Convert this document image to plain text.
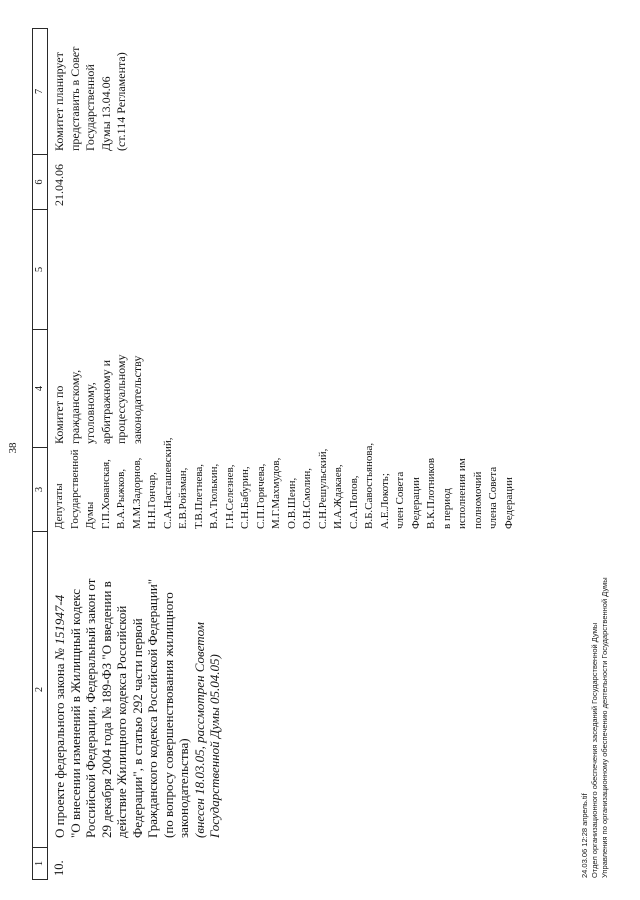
38
1
2
3
4
5
6
7
10.
О проекте федерального закона № 151947-4 "О внесении изменений в Жилищный кодекс Российской Федерации, Федеральный закон от 29 декабря 2004 года № 189-ФЗ "О введении в действие Жилищного кодекса Российской Федерации", в статью 292 части первой Гражданского кодекса Российской Федерации" (по вопросу совершенствования жилищного законодательства) (внесен 18.03.05, рассмотрен Советом Государственной Думы 05.04.05)
Депутаты Государственной Думы Г.П.Хованская, В.А.Рыжков, М.М.Задорнов, Н.Н.Гончар, С.А.Насташевский, Е.В.Ройзман, Т.В.Плетнева, В.А.Тюлькин, Г.Н.Селезнев, С.Н.Бабурин, С.П.Горячева, М.Г.Махмудов, О.В.Шеин, О.Н.Смолин, С.Н.Решульский, И.А.Ждакаев, С.А.Попов, В.Б.Савостьянова, А.Е.Локоть; член Совета Федерации В.К.Плотников в период исполнения им полномочий члена Совета Федерации
Комитет по гражданскому, уголовному, арбитражному и процессуальному законодательству
21.04.06
Комитет планирует представить в Совет Государственной Думы 13.04.06 (ст.114 Регламента)
24.03.06 12:28 апрель.tif Отдел организационного обеспечения заседаний Государственной Думы Управления по организационному обеспечению деятельности Государственной Думы
